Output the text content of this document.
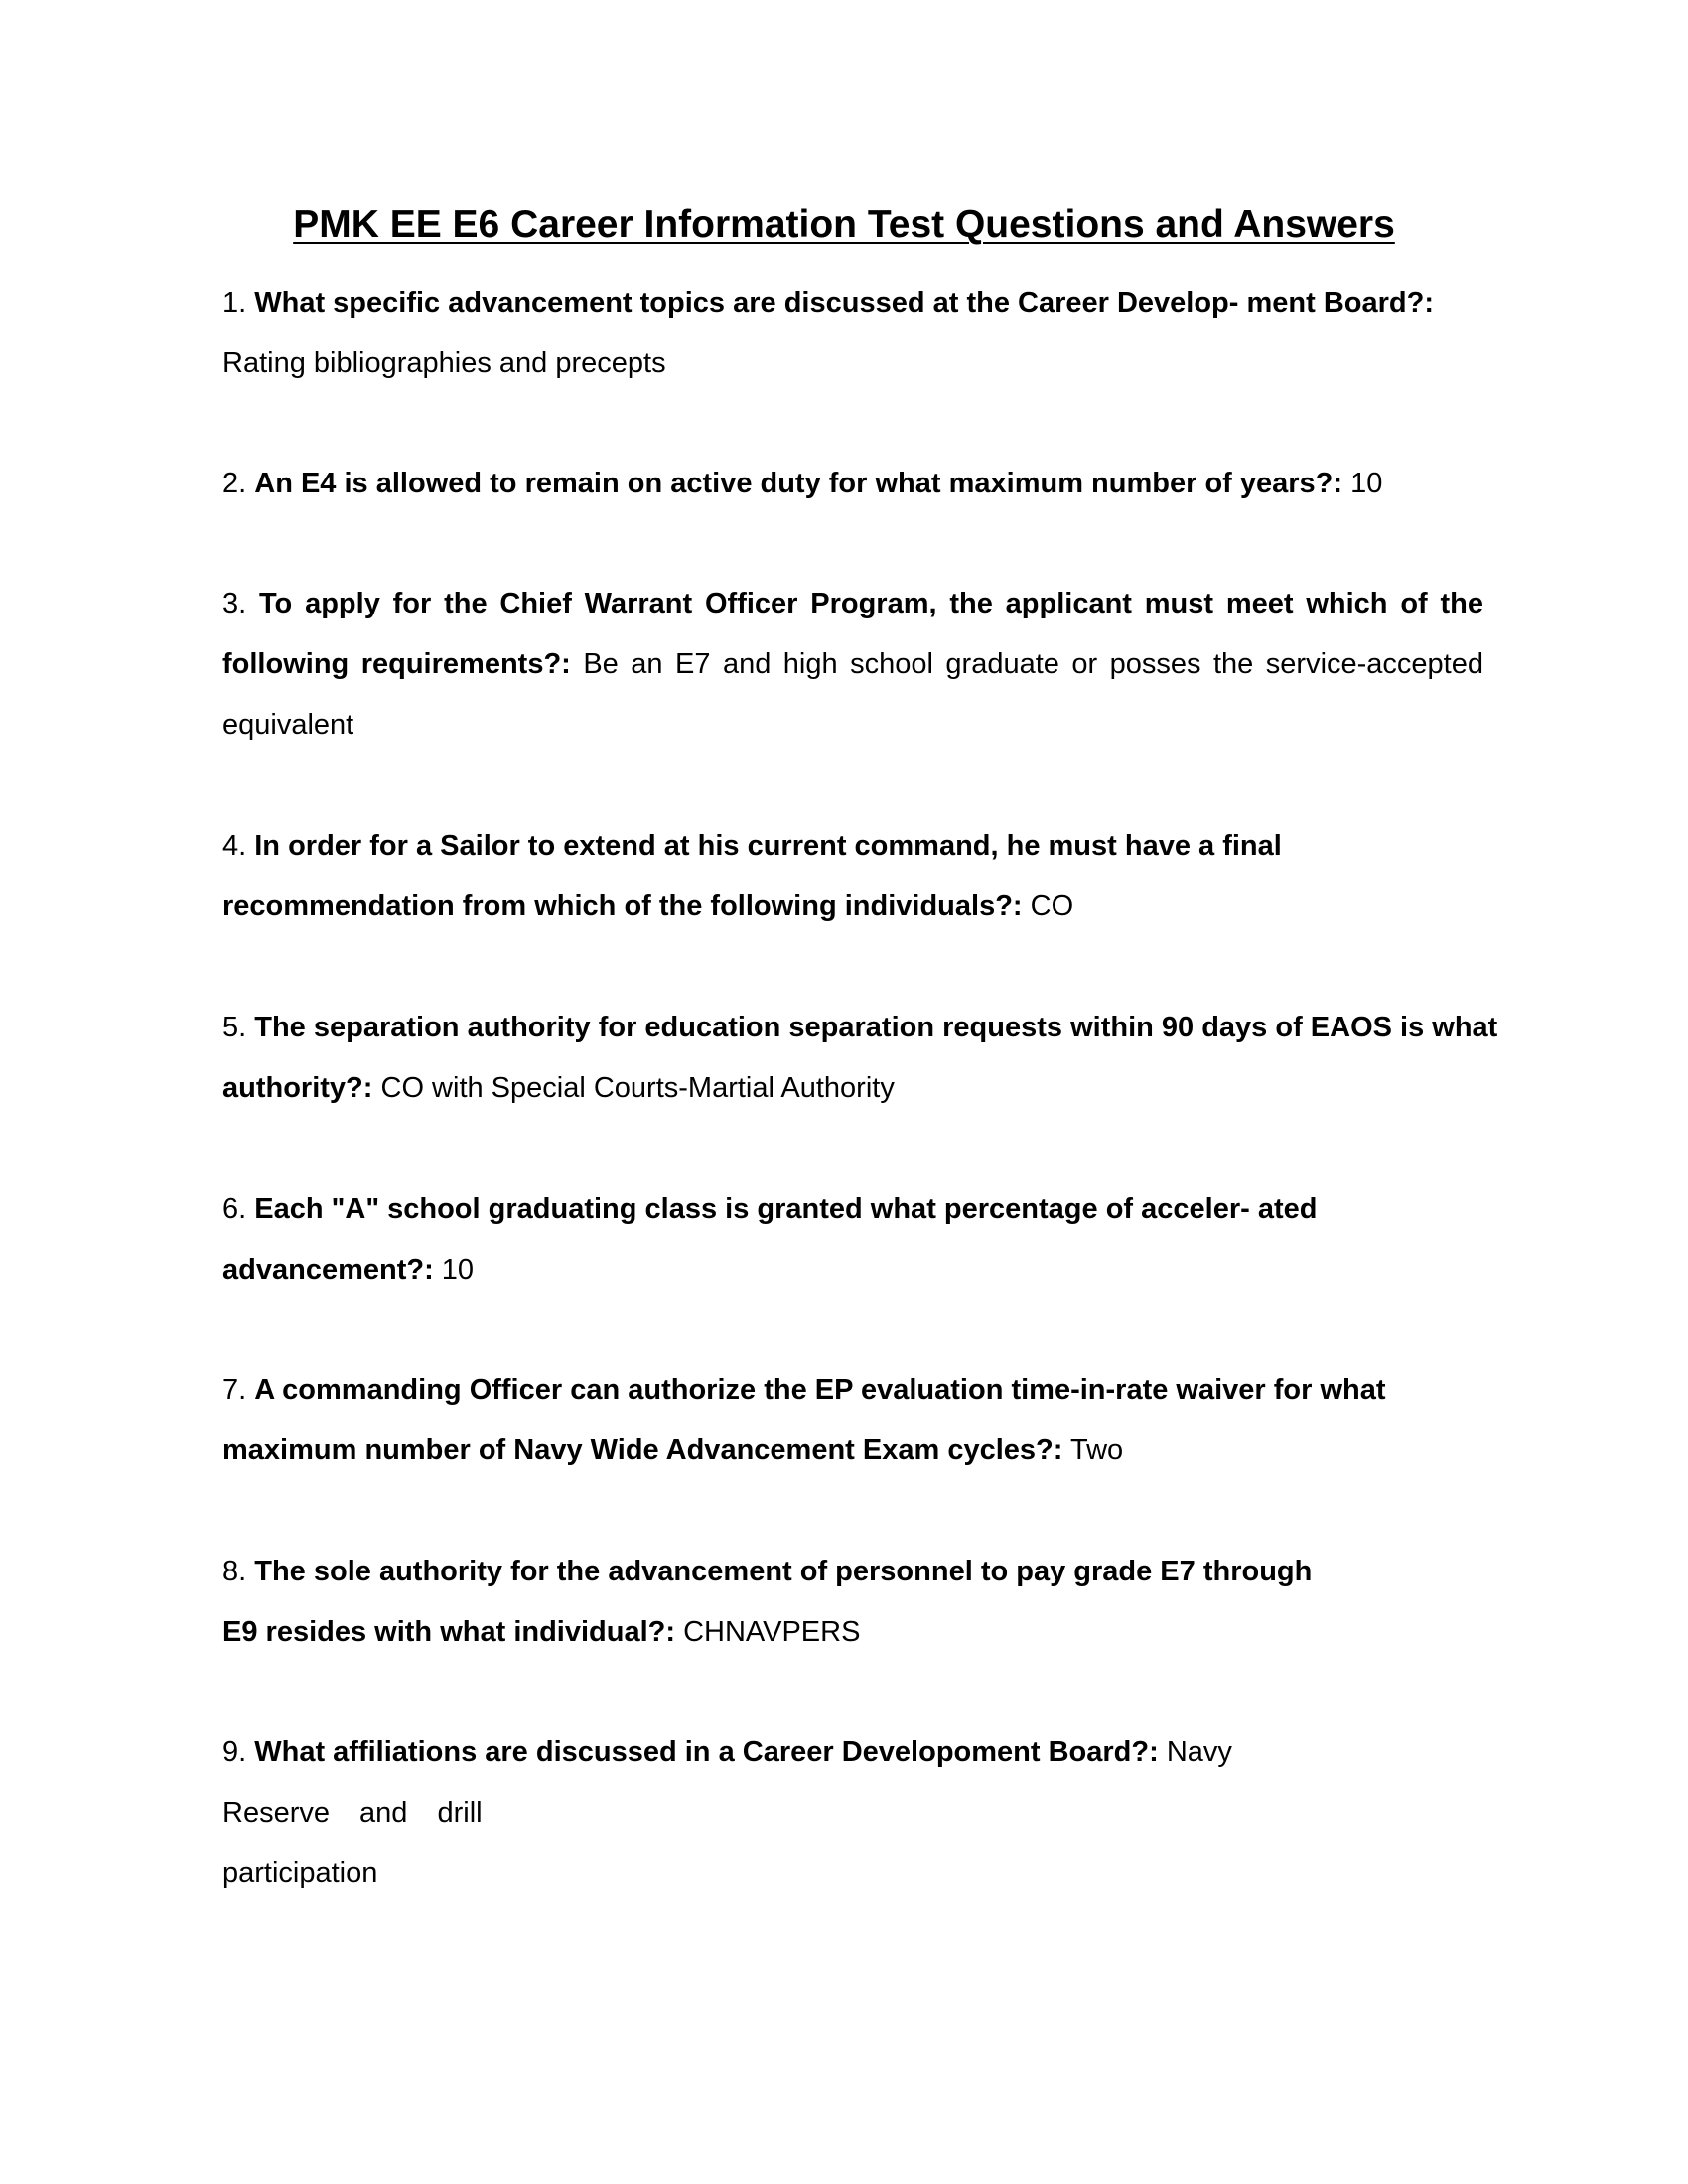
PMK EE E6 Career Information Test Questions and Answers

1. What specific advancement topics are discussed at the Career Develop- ment Board?:
Rating bibliographies and precepts

2. An E4 is allowed to remain on active duty for what maximum number of years?: 10

3. To apply for the Chief Warrant Officer Program, the applicant must meet which of the following requirements?: Be an E7 and high school graduate or posses the service-accepted equivalent

4. In order for a Sailor to extend at his current command, he must have a final recommendation from which of the following individuals?: CO

5. The separation authority for education separation requests within 90 days of EAOS is what authority?: CO with Special Courts-Martial Authority

6. Each "A" school graduating class is granted what percentage of acceler- ated advancement?: 10

7. A commanding Officer can authorize the EP evaluation time-in-rate waiver for what maximum number of Navy Wide Advancement Exam cycles?: Two

8. The sole authority for the advancement of personnel to pay grade E7 through E9 resides with what individual?: CHNAVPERS

9. What affiliations are discussed in a Career Developoment Board?: Navy
Reserve and drill
participation
